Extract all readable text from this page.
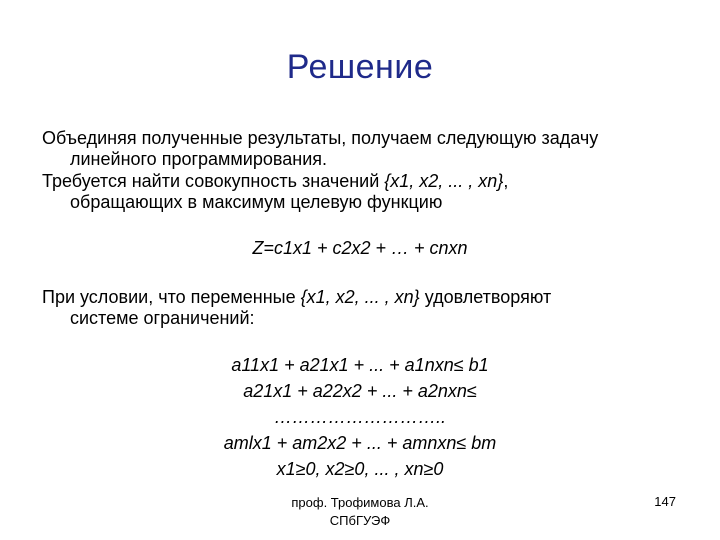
Решение
Объединяя полученные результаты, получаем следующую задачу
линейного программирования.
Требуется найти совокупность значений {x1, x2, ... , xn},
обращающих в максимум целевую функцию
Z=c1x1 + c2x2 + … + cnxn
При условии, что переменные {x1, x2, ... , xn} удовлетворяют
системе ограничений:
a11x1 + a21x1 + ... + a1nxn≤ b1
a21x1 + a22x2 + ... + a2nxn≤
………………………..
amlx1 + am2x2 + ... + amnxn≤ bm
x1≥0, x2≥0, ... , xn≥0
проф. Трофимова Л.А.
СПбГУЭФ
147
